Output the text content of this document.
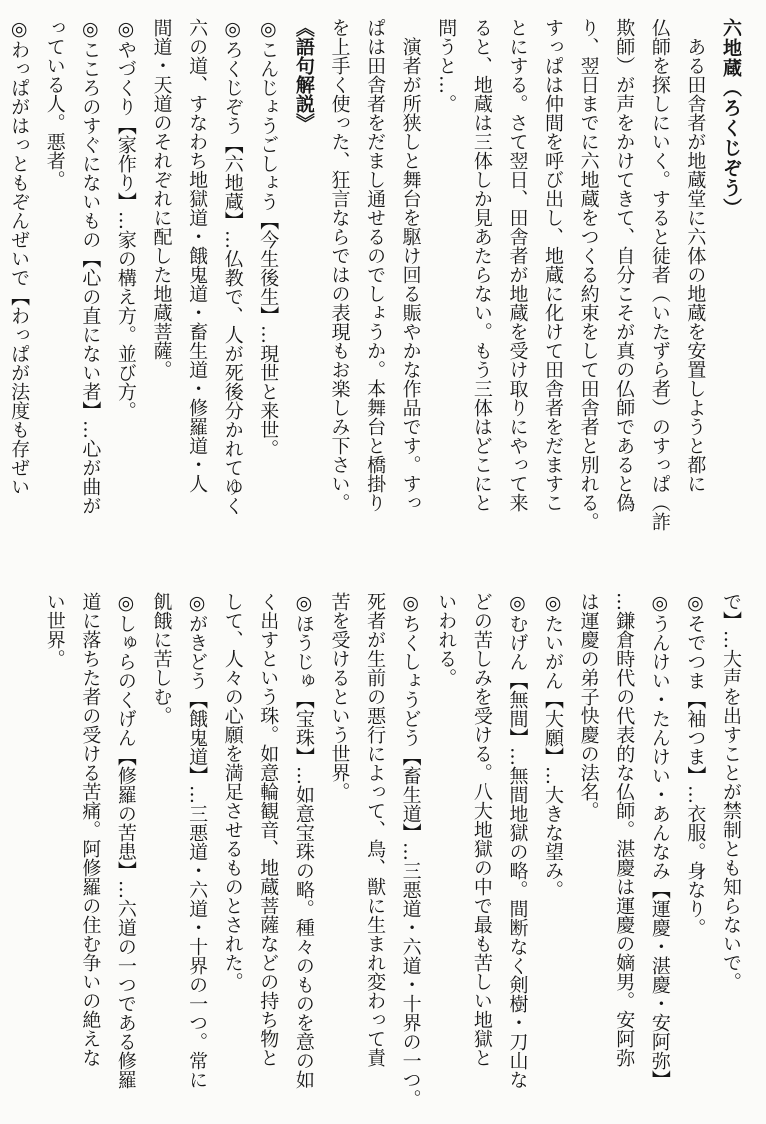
六地蔵（ろくじぞう）
ある田舎者が地蔵堂に六体の地蔵を安置しようと都に
仏師を探しにいく。すると徒者（いたずら者）のすっぱ（詐
欺師）が声をかけてきて、自分こそが真の仏師であると偽
り、翌日までに六地蔵をつくる約束をして田舎者と別れる。
すっぱは仲間を呼び出し、地蔵に化けて田舎者をだますこ
とにする。さて翌日、田舎者が地蔵を受け取りにやって来
ると、地蔵は三体しか見あたらない。もう三体はどこにと
問うと…。
演者が所狭しと舞台を駆け回る賑やかな作品です。すっ
ぱは田舎者をだまし通せるのでしょうか。本舞台と橋掛り
を上手く使った、狂言ならではの表現もお楽しみ下さい。
《語句解説》
◎こんじょうごしょう【今生後生】…現世と来世。
◎ろくじぞう【六地蔵】…仏教で、人が死後分かれてゆく
六の道、すなわち地獄道・餓鬼道・畜生道・修羅道・人
間道・天道のそれぞれに配した地蔵菩薩。
◎やづくり【家作り】…家の構え方。並び方。
◎こころのすぐにないもの【心の直にない者】…心が曲が
っている人。悪者。
◎わっぱがはっともぞんぜいで【わっぱが法度も存ぜい
で】…大声を出すことが禁制とも知らないで。
◎そでつま【袖つま】…衣服。身なり。
◎うんけい・たんけい・あんなみ【運慶・湛慶・安阿弥】
…鎌倉時代の代表的な仏師。湛慶は運慶の嫡男。安阿弥
は運慶の弟子快慶の法名。
◎たいがん【大願】…大きな望み。
◎むげん【無間】…無間地獄の略。間断なく剣樹・刀山な
どの苦しみを受ける。八大地獄の中で最も苦しい地獄と
いわれる。
◎ちくしょうどう【畜生道】…三悪道・六道・十界の一つ。
死者が生前の悪行によって、鳥、獣に生まれ変わって責
苦を受けるという世界。
◎ほうじゅ【宝珠】…如意宝珠の略。種々のものを意の如
く出すという珠。如意輪観音、地蔵菩薩などの持ち物と
して、人々の心願を満足させるものとされた。
◎がきどう【餓鬼道】…三悪道・六道・十界の一つ。常に
飢餓に苦しむ。
◎しゅらのくげん【修羅の苦患】…六道の一つである修羅
道に落ちた者の受ける苦痛。阿修羅の住む争いの絶えな
い世界。
